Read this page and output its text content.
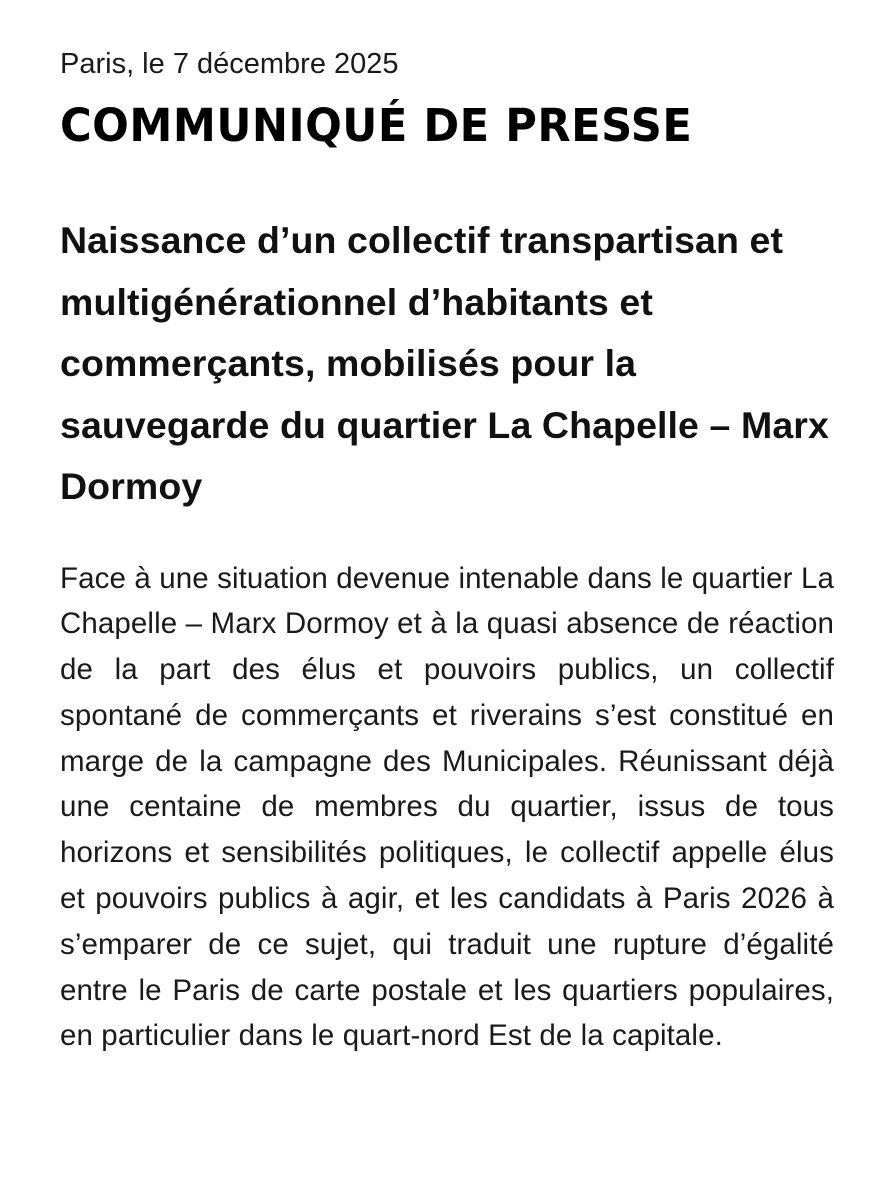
Paris, le 7 décembre 2025

COMMUNIQUÉ DE PRESSE
Naissance d’un collectif transpartisan et multigénérationnel d’habitants et commerçants, mobilisés pour la sauvegarde du quartier La Chapelle – Marx Dormoy

Face à une situation devenue intenable dans le quartier La Chapelle – Marx Dormoy et à la quasi absence de réaction de la part des élus et pouvoirs publics, un collectif spontané de commerçants et riverains s’est constitué en marge de la campagne des Municipales. Réunissant déjà une centaine de membres du quartier, issus de tous horizons et sensibilités politiques, le collectif appelle élus et pouvoirs publics à agir, et les candidats à Paris 2026 à s’emparer de ce sujet, qui traduit une rupture d’égalité entre le Paris de carte postale et les quartiers populaires, en particulier dans le quart-nord Est de la capitale.
